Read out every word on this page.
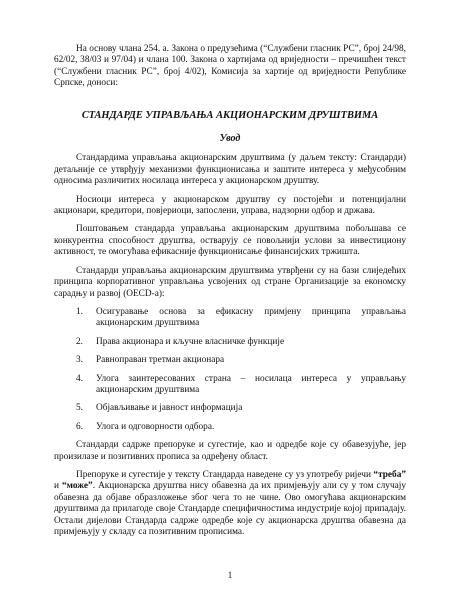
На основу члана 254. а. Закона о предузећима (“Службени гласник РС”, број 24/98, 62/02, 38/03 и 97/04) и члана 100. Закона о хартијама од вриједности – пречишћен текст (“Службени гласник РС”, број 4/02), Комисија за хартије од вриједности Републике Српске, доноси:

СТАНДАРДЕ УПРАВЉАЊА АКЦИОНАРСКИМ ДРУШТВИМА
Увод

Стандардима управљања акционарским друштвима (у даљем тексту: Стандарди) детаљније се утврђују механизми функционисања и заштите интереса у међусобним односима различитих носилаца интереса у акционарском друштву.

Носиоци интереса у акционарском друштву су постојећи и потенцијални акционари, кредитори, повјериоци, запослени, управа, надзорни одбор и држава.

Поштовањем стандарда управљања акционарским друштвима побољшава се конкурентна способност друштва, остварују се повољнији услови за инвестициону активност, те омогућава ефикасније функционисање финансијских тржишта.

Стандарди управљања акционарским друштвима утврђени су на бази слиједећих принципа корпоративног управљања усвојених од стране Организације за економску сарадњу и развој (OECD-а):

1. Осигуравање основа за ефикасну примјену принципа управљања акционарским друштвима
2. Права акционара и кључне власничке функције
3. Равноправан третман акционара
4. Улога заинтересованих страна – носилаца интереса у управљању акционарским друштвима
5. Објављивање и јавност информација
6. Улога и одговорности одбора.

Стандарди садрже препоруке и сугестије, као и одредбе које су обавезујуће, јер произилазе и позитивних прописа за одређену област.

Препоруке и сугестије у тексту Стандарда наведене су уз употребу ријечи “треба” и “може”. Акционарска друштва нису обавезна да их примјењују али су у том случају обавезна да објаве образложење због чега то не чине. Ово омогућава акционарским друштвима да прилагоде своје Стандарде специфичностима индустрије којој припадају. Остали дијелови Стандарда садрже одредбе које су акционарска друштва обавезна да примјењују у складу са позитивним прописима.

1
